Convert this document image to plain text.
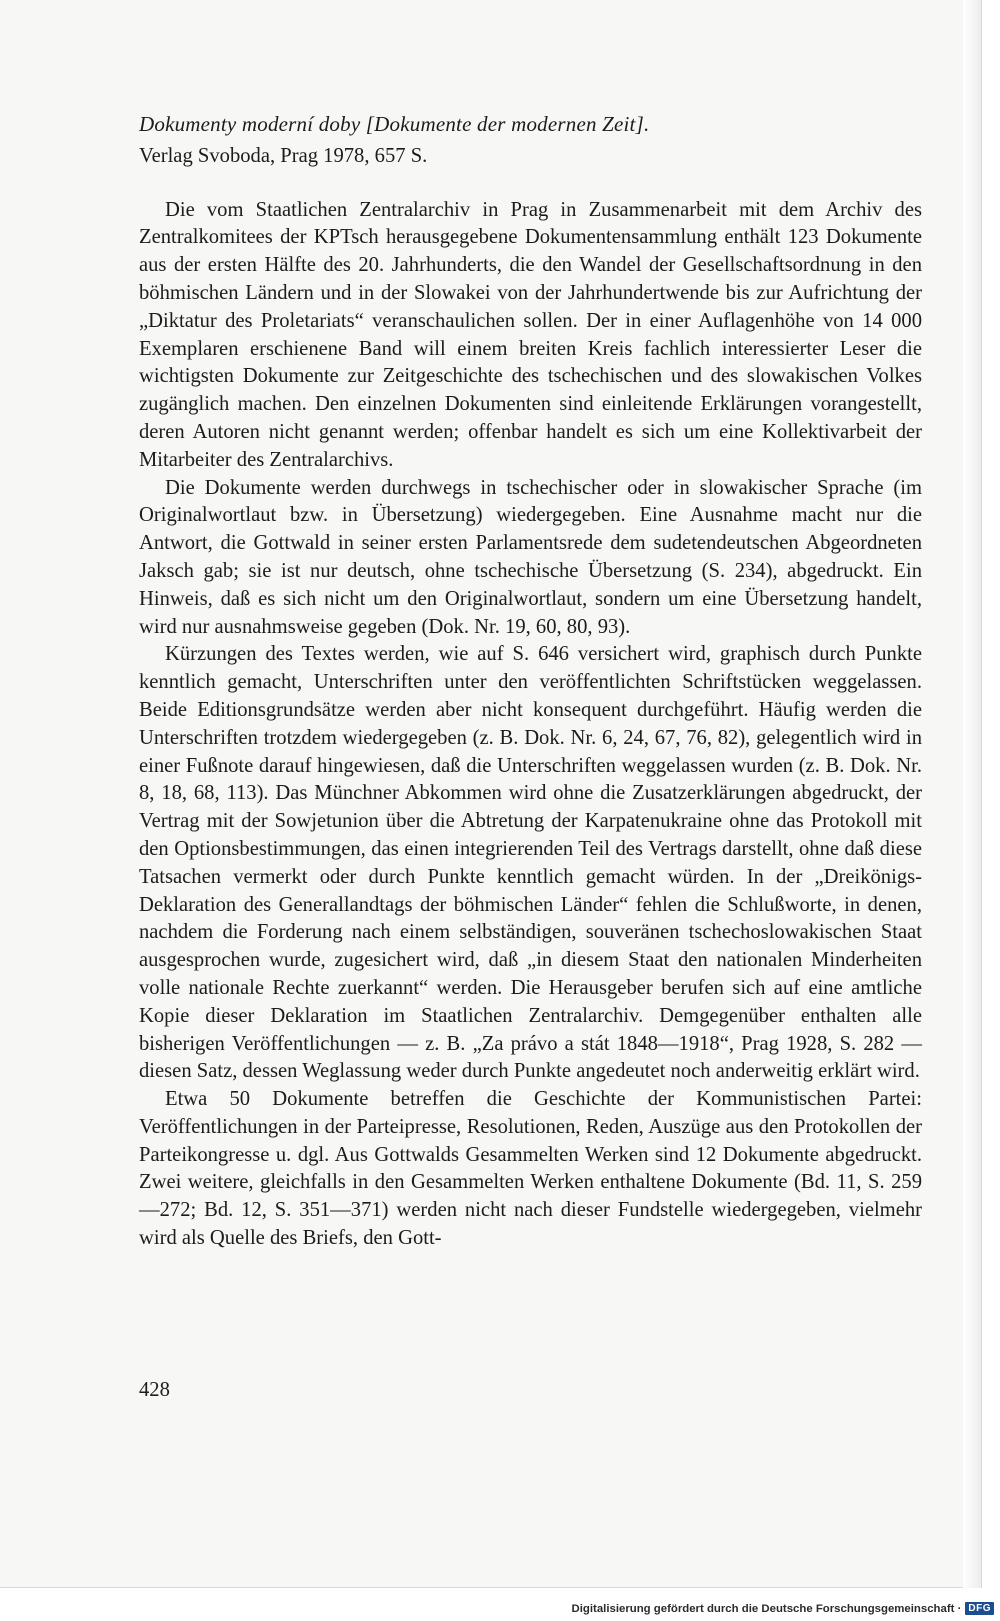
Dokumenty moderní doby [Dokumente der modernen Zeit].

Verlag Svoboda, Prag 1978, 657 S.

Die vom Staatlichen Zentralarchiv in Prag in Zusammenarbeit mit dem Archiv des Zentralkomitees der KPTsch herausgegebene Dokumentensammlung enthält 123 Dokumente aus der ersten Hälfte des 20. Jahrhunderts, die den Wandel der Gesellschaftsordnung in den böhmischen Ländern und in der Slowakei von der Jahrhundertwende bis zur Aufrichtung der „Diktatur des Proletariats“ veranschaulichen sollen. Der in einer Auflagenhöhe von 14 000 Exemplaren erschienene Band will einem breiten Kreis fachlich interessierter Leser die wichtigsten Dokumente zur Zeitgeschichte des tschechischen und des slowakischen Volkes zugänglich machen. Den einzelnen Dokumenten sind einleitende Erklärungen vorangestellt, deren Autoren nicht genannt werden; offenbar handelt es sich um eine Kollektivarbeit der Mitarbeiter des Zentralarchivs.

Die Dokumente werden durchwegs in tschechischer oder in slowakischer Sprache (im Originalwortlaut bzw. in Übersetzung) wiedergegeben. Eine Ausnahme macht nur die Antwort, die Gottwald in seiner ersten Parlamentsrede dem sudetendeutschen Abgeordneten Jaksch gab; sie ist nur deutsch, ohne tschechische Übersetzung (S. 234), abgedruckt. Ein Hinweis, daß es sich nicht um den Originalwortlaut, sondern um eine Übersetzung handelt, wird nur ausnahmsweise gegeben (Dok. Nr. 19, 60, 80, 93).

Kürzungen des Textes werden, wie auf S. 646 versichert wird, graphisch durch Punkte kenntlich gemacht, Unterschriften unter den veröffentlichten Schriftstücken weggelassen. Beide Editionsgrundsätze werden aber nicht konsequent durchgeführt. Häufig werden die Unterschriften trotzdem wiedergegeben (z. B. Dok. Nr. 6, 24, 67, 76, 82), gelegentlich wird in einer Fußnote darauf hingewiesen, daß die Unterschriften weggelassen wurden (z. B. Dok. Nr. 8, 18, 68, 113). Das Münchner Abkommen wird ohne die Zusatzerklärungen abgedruckt, der Vertrag mit der Sowjetunion über die Abtretung der Karpatenukraine ohne das Protokoll mit den Optionsbestimmungen, das einen integrierenden Teil des Vertrags darstellt, ohne daß diese Tatsachen vermerkt oder durch Punkte kenntlich gemacht würden. In der „Dreikönigs-Deklaration des Generallandtags der böhmischen Länder“ fehlen die Schlußworte, in denen, nachdem die Forderung nach einem selbständigen, souveränen tschechoslowakischen Staat ausgesprochen wurde, zugesichert wird, daß „in diesem Staat den nationalen Minderheiten volle nationale Rechte zuerkannt“ werden. Die Herausgeber berufen sich auf eine amtliche Kopie dieser Deklaration im Staatlichen Zentralarchiv. Demgegenüber enthalten alle bisherigen Veröffentlichungen — z. B. „Za právo a stát 1848—1918“, Prag 1928, S. 282 — diesen Satz, dessen Weglassung weder durch Punkte angedeutet noch anderweitig erklärt wird.

Etwa 50 Dokumente betreffen die Geschichte der Kommunistischen Partei: Veröffentlichungen in der Parteipresse, Resolutionen, Reden, Auszüge aus den Protokollen der Parteikongresse u. dgl. Aus Gottwalds Gesammelten Werken sind 12 Dokumente abgedruckt. Zwei weitere, gleichfalls in den Gesammelten Werken enthaltene Dokumente (Bd. 11, S. 259—272; Bd. 12, S. 351—371) werden nicht nach dieser Fundstelle wiedergegeben, vielmehr wird als Quelle des Briefs, den Gott-

428
Digitalisierung gefördert durch die Deutsche Forschungsgemeinschaft · DFG
